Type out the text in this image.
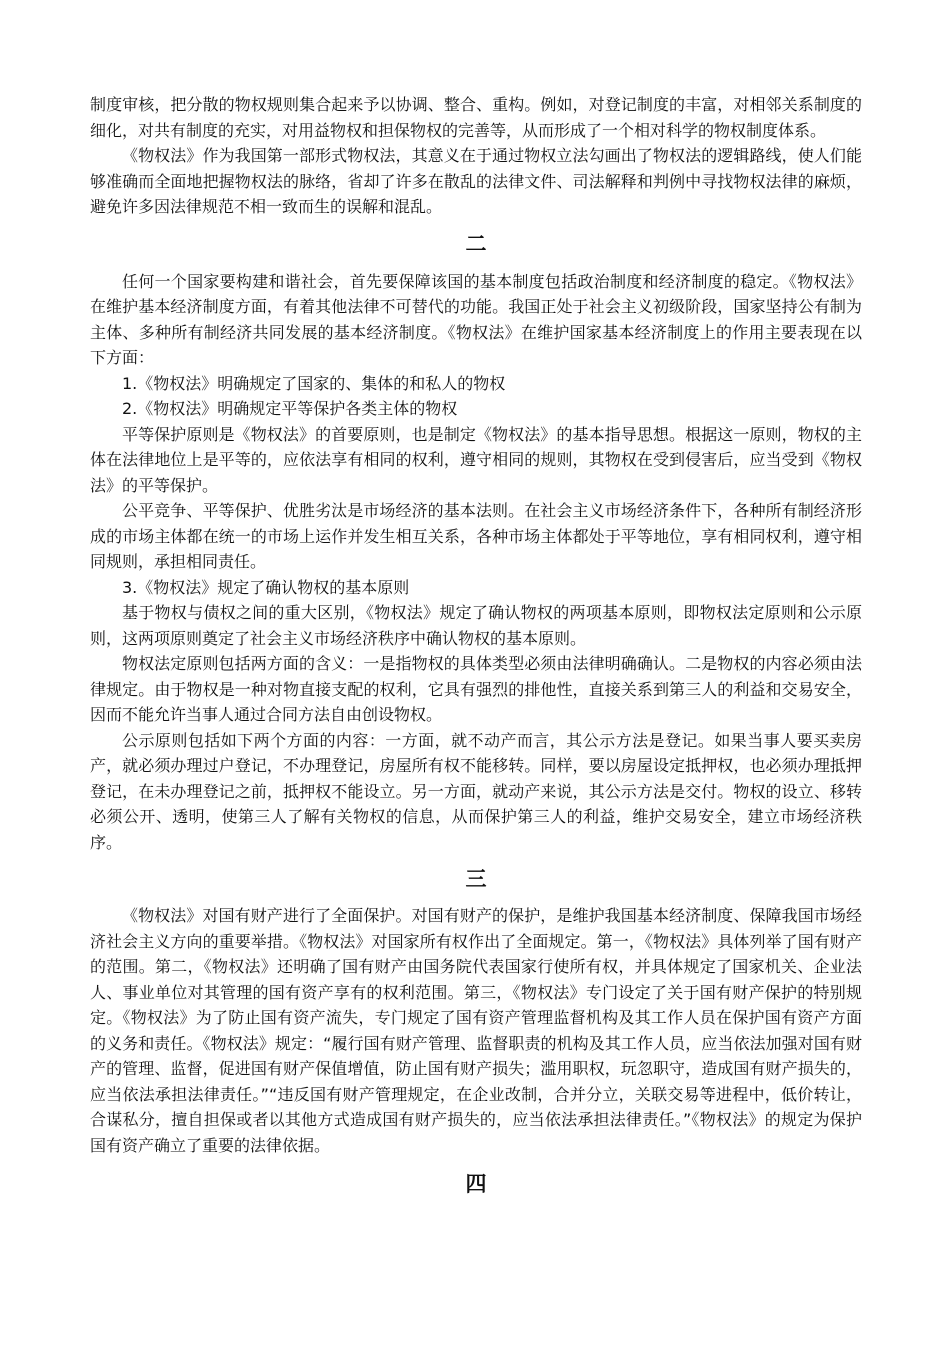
制度审核，把分散的物权规则集合起来予以协调、整合、重构。例如，对登记制度的丰富，对相邻关系制度的细化，对共有制度的充实，对用益物权和担保物权的完善等，从而形成了一个相对科学的物权制度体系。

《物权法》作为我国第一部形式物权法，其意义在于通过物权立法勾画出了物权法的逻辑路线，使人们能够准确而全面地把握物权法的脉络，省却了许多在散乱的法律文件、司法解释和判例中寻找物权法律的麻烦，避免许多因法律规范不相一致而生的误解和混乱。

二

任何一个国家要构建和谐社会，首先要保障该国的基本制度包括政治制度和经济制度的稳定。《物权法》在维护基本经济制度方面，有着其他法律不可替代的功能。我国正处于社会主义初级阶段，国家坚持公有制为主体、多种所有制经济共同发展的基本经济制度。《物权法》在维护国家基本经济制度上的作用主要表现在以下方面：

1.《物权法》明确规定了国家的、集体的和私人的物权

2.《物权法》明确规定平等保护各类主体的物权

平等保护原则是《物权法》的首要原则，也是制定《物权法》的基本指导思想。根据这一原则，物权的主体在法律地位上是平等的，应依法享有相同的权利，遵守相同的规则，其物权在受到侵害后，应当受到《物权法》的平等保护。

公平竞争、平等保护、优胜劣汰是市场经济的基本法则。在社会主义市场经济条件下，各种所有制经济形成的市场主体都在统一的市场上运作并发生相互关系，各种市场主体都处于平等地位，享有相同权利，遵守相同规则，承担相同责任。

3.《物权法》规定了确认物权的基本原则

基于物权与债权之间的重大区别，《物权法》规定了确认物权的两项基本原则，即物权法定原则和公示原则，这两项原则奠定了社会主义市场经济秩序中确认物权的基本原则。

物权法定原则包括两方面的含义：一是指物权的具体类型必须由法律明确确认。二是物权的内容必须由法律规定。由于物权是一种对物直接支配的权利，它具有强烈的排他性，直接关系到第三人的利益和交易安全，因而不能允许当事人通过合同方法自由创设物权。

公示原则包括如下两个方面的内容：一方面，就不动产而言，其公示方法是登记。如果当事人要买卖房产，就必须办理过户登记，不办理登记，房屋所有权不能移转。同样，要以房屋设定抵押权，也必须办理抵押登记，在未办理登记之前，抵押权不能设立。另一方面，就动产来说，其公示方法是交付。物权的设立、移转必须公开、透明，使第三人了解有关物权的信息，从而保护第三人的利益，维护交易安全，建立市场经济秩序。

三

《物权法》对国有财产进行了全面保护。对国有财产的保护，是维护我国基本经济制度、保障我国市场经济社会主义方向的重要举措。《物权法》对国家所有权作出了全面规定。第一，《物权法》具体列举了国有财产的范围。第二，《物权法》还明确了国有财产由国务院代表国家行使所有权，并具体规定了国家机关、企业法人、事业单位对其管理的国有资产享有的权利范围。第三，《物权法》专门设定了关于国有财产保护的特别规定。《物权法》为了防止国有资产流失，专门规定了国有资产管理监督机构及其工作人员在保护国有资产方面的义务和责任。《物权法》规定：“履行国有财产管理、监督职责的机构及其工作人员，应当依法加强对国有财产的管理、监督，促进国有财产保值增值，防止国有财产损失；滥用职权，玩忽职守，造成国有财产损失的，应当依法承担法律责任。”“违反国有财产管理规定，在企业改制，合并分立，关联交易等进程中，低价转让，合谋私分，擅自担保或者以其他方式造成国有财产损失的，应当依法承担法律责任。”《物权法》的规定为保护国有资产确立了重要的法律依据。

四
